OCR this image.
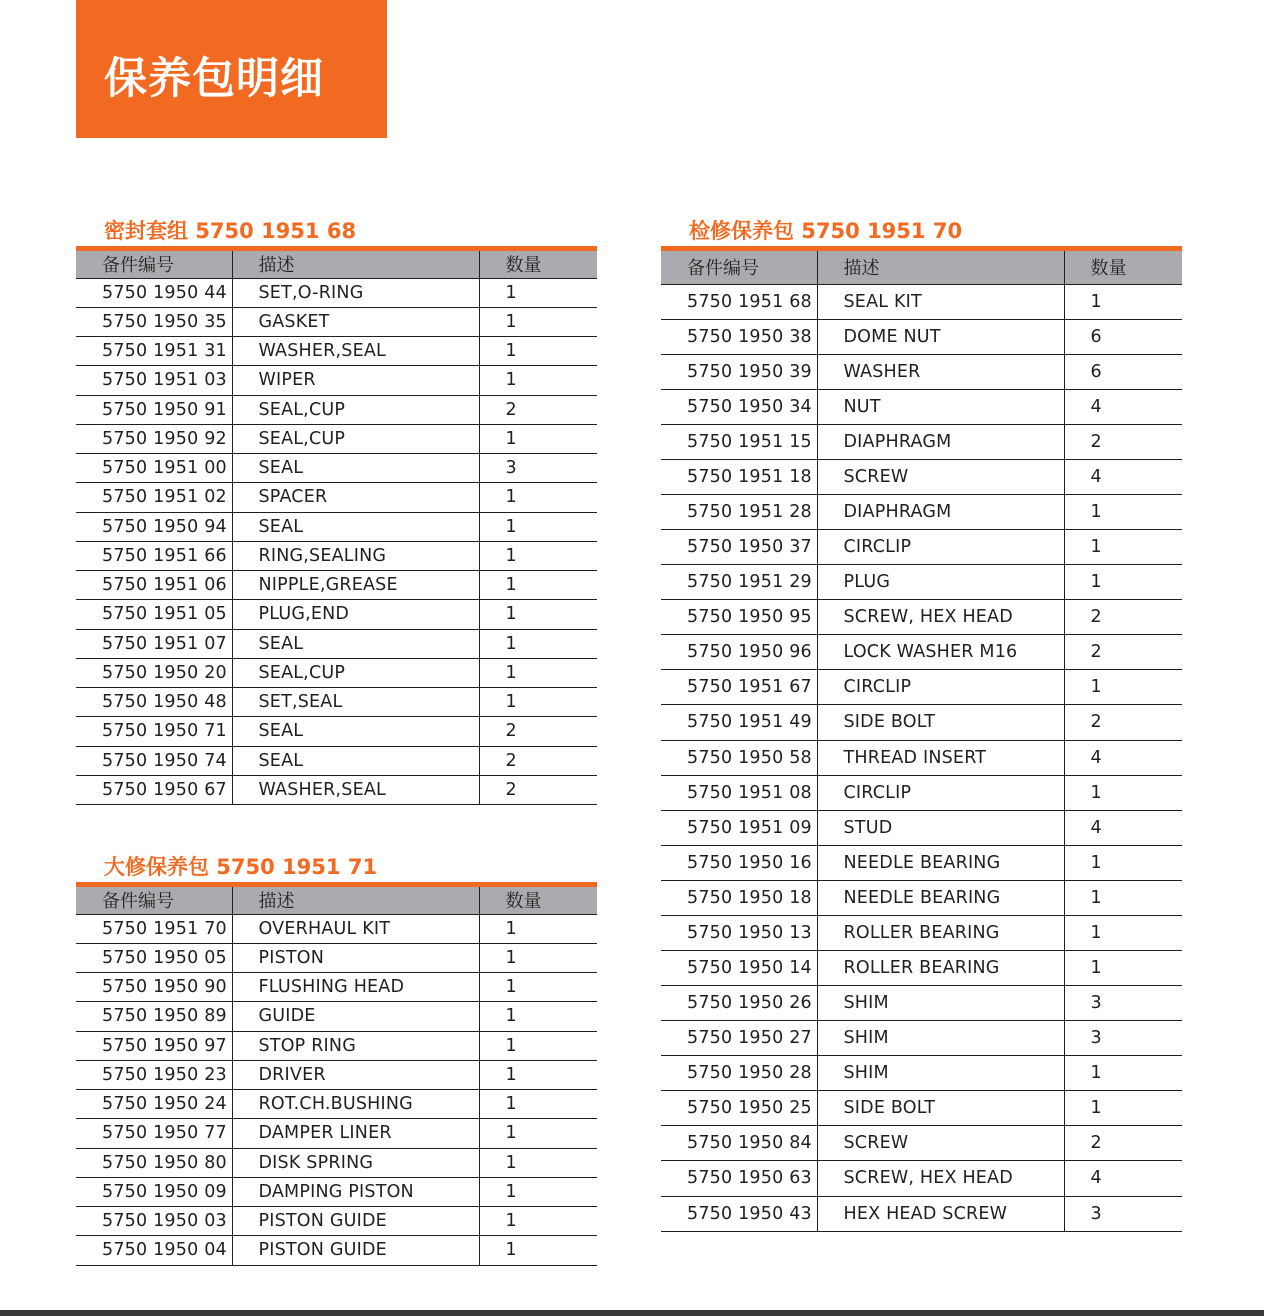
保养包明细
密封套组 5750 1951 68
备件编号	描述	数量
5750 1950 44	SET,O-RING	1
5750 1950 35	GASKET	1
5750 1951 31	WASHER,SEAL	1
5750 1951 03	WIPER	1
5750 1950 91	SEAL,CUP	2
5750 1950 92	SEAL,CUP	1
5750 1951 00	SEAL	3
5750 1951 02	SPACER	1
5750 1950 94	SEAL	1
5750 1951 66	RING,SEALING	1
5750 1951 06	NIPPLE,GREASE	1
5750 1951 05	PLUG,END	1
5750 1951 07	SEAL	1
5750 1950 20	SEAL,CUP	1
5750 1950 48	SET,SEAL	1
5750 1950 71	SEAL	2
5750 1950 74	SEAL	2
5750 1950 67	WASHER,SEAL	2
大修保养包 5750 1951 71
备件编号	描述	数量
5750 1951 70	OVERHAUL KIT	1
5750 1950 05	PISTON	1
5750 1950 90	FLUSHING HEAD	1
5750 1950 89	GUIDE	1
5750 1950 97	STOP RING	1
5750 1950 23	DRIVER	1
5750 1950 24	ROT.CH.BUSHING	1
5750 1950 77	DAMPER LINER	1
5750 1950 80	DISK SPRING	1
5750 1950 09	DAMPING PISTON	1
5750 1950 03	PISTON GUIDE	1
5750 1950 04	PISTON GUIDE	1
检修保养包 5750 1951 70
备件编号	描述	数量
5750 1951 68	SEAL KIT	1
5750 1950 38	DOME NUT	6
5750 1950 39	WASHER	6
5750 1950 34	NUT	4
5750 1951 15	DIAPHRAGM	2
5750 1951 18	SCREW	4
5750 1951 28	DIAPHRAGM	1
5750 1950 37	CIRCLIP	1
5750 1951 29	PLUG	1
5750 1950 95	SCREW, HEX HEAD	2
5750 1950 96	LOCK WASHER M16	2
5750 1951 67	CIRCLIP	1
5750 1951 49	SIDE BOLT	2
5750 1950 58	THREAD INSERT	4
5750 1951 08	CIRCLIP	1
5750 1951 09	STUD	4
5750 1950 16	NEEDLE BEARING	1
5750 1950 18	NEEDLE BEARING	1
5750 1950 13	ROLLER BEARING	1
5750 1950 14	ROLLER BEARING	1
5750 1950 26	SHIM	3
5750 1950 27	SHIM	3
5750 1950 28	SHIM	1
5750 1950 25	SIDE BOLT	1
5750 1950 84	SCREW	2
5750 1950 63	SCREW, HEX HEAD	4
5750 1950 43	HEX HEAD SCREW	3
